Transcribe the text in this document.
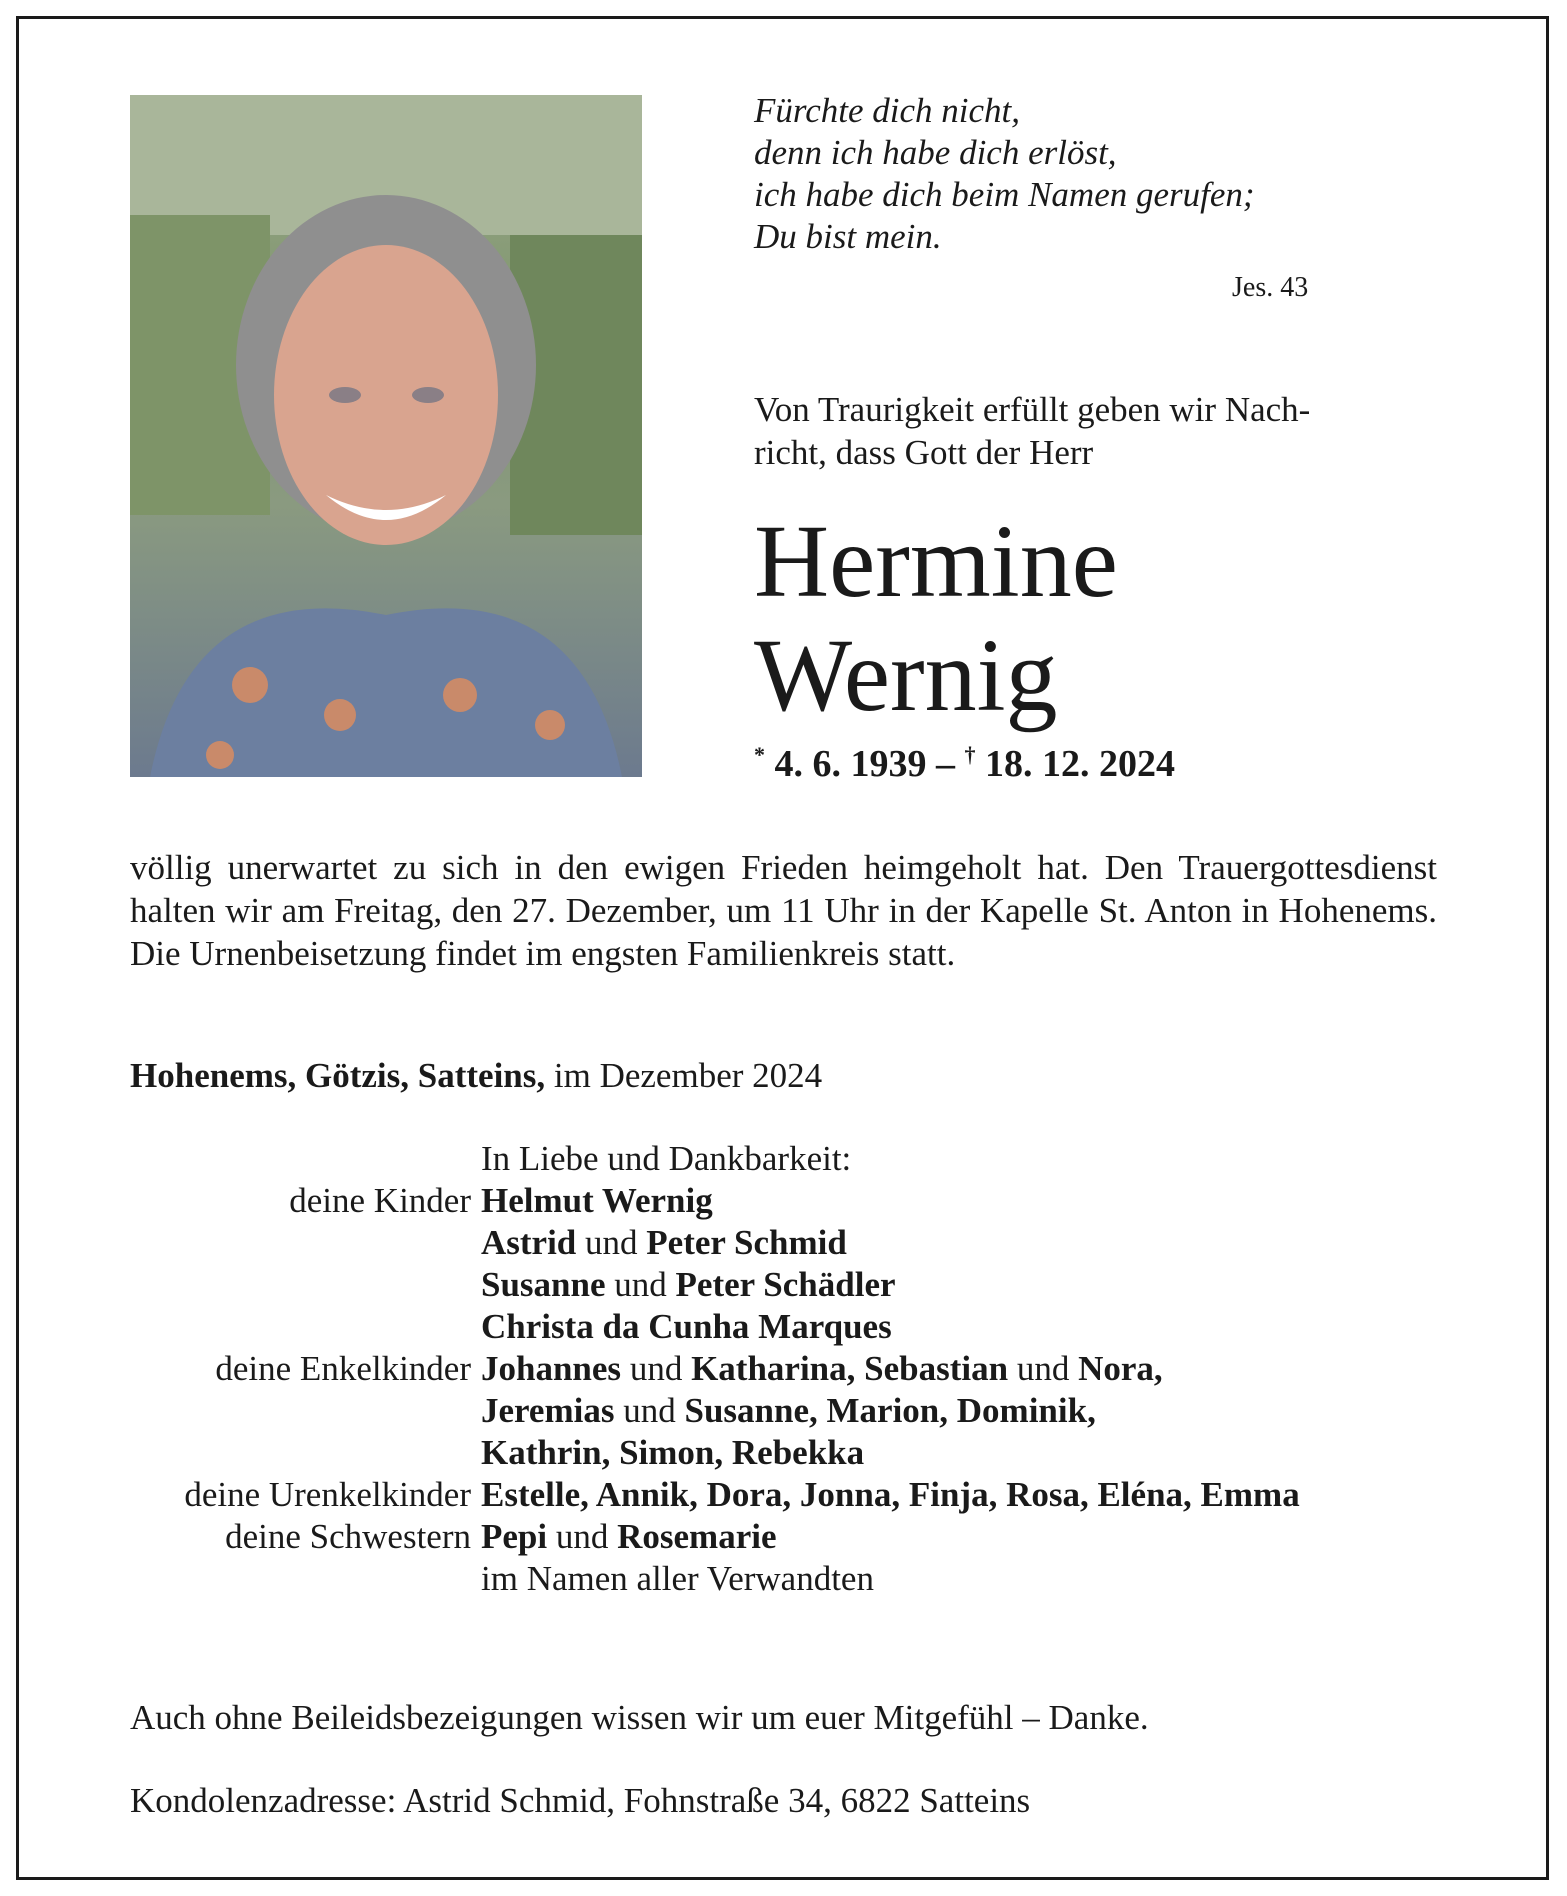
Fürchte dich nicht,
denn ich habe dich erlöst,
ich habe dich beim Namen gerufen;
Du bist mein.
Jes. 43
Von Traurigkeit erfüllt geben wir Nach-
richt, dass Gott der Herr
Hermine
Wernig
* 4. 6. 1939 – † 18. 12. 2024
völlig unerwartet zu sich in den ewigen Frieden heimgeholt hat. Den Trauergottesdienst halten wir am Freitag, den 27. Dezember, um 11 Uhr in der Kapelle St. Anton in Hohenems. Die Urnenbeisetzung findet im engsten Familienkreis statt.
Hohenems, Götzis, Satteins, im Dezember 2024
In Liebe und Dankbarkeit:
deine Kinder Helmut Wernig
Astrid und Peter Schmid
Susanne und Peter Schädler
Christa da Cunha Marques
deine Enkelkinder Johannes und Katharina, Sebastian und Nora,
Jeremias und Susanne, Marion, Dominik,
Kathrin, Simon, Rebekka
deine Urenkelkinder Estelle, Annik, Dora, Jonna, Finja, Rosa, Eléna, Emma
deine Schwestern Pepi und Rosemarie
im Namen aller Verwandten
Auch ohne Beileidsbezeigungen wissen wir um euer Mitgefühl – Danke.
Kondolenzadresse: Astrid Schmid, Fohnstraße 34, 6822 Satteins
